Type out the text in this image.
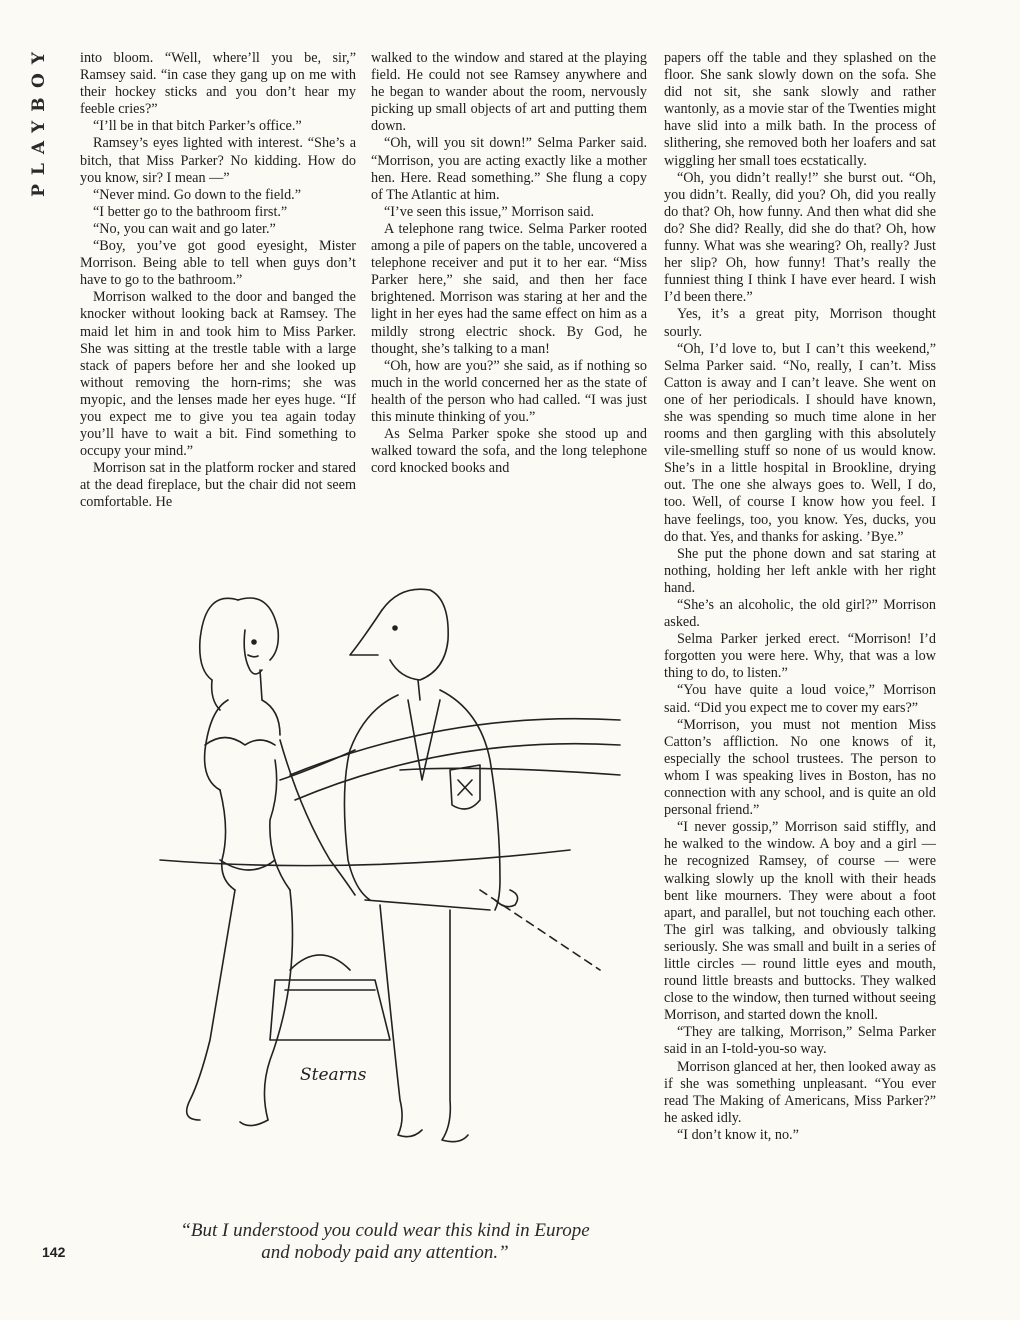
PLAYBOY into bloom. “Well, where’ll you be, sir,” Ramsey said. “in case they gang up on me with their hockey sticks and you don’t hear my feeble cries?”

“I’ll be in that bitch Parker’s office.”

Ramsey’s eyes lighted with interest. “She’s a bitch, that Miss Parker? No kidding. How do you know, sir? I mean —”

“Never mind. Go down to the field.”

“I better go to the bathroom first.”

“No, you can wait and go later.”

“Boy, you’ve got good eyesight, Mister Morrison. Being able to tell when guys don’t have to go to the bathroom.”

Morrison walked to the door and banged the knocker without looking back at Ramsey. The maid let him in and took him to Miss Parker. She was sitting at the trestle table with a large stack of papers before her and she looked up without removing the horn-rims; she was myopic, and the lenses made her eyes huge. “If you expect me to give you tea again today you’ll have to wait a bit. Find something to occupy your mind.”

Morrison sat in the platform rocker and stared at the dead fireplace, but the chair did not seem comfortable. He

walked to the window and stared at the playing field. He could not see Ramsey anywhere and he began to wander about the room, nervously picking up small objects of art and putting them down.

“Oh, will you sit down!” Selma Parker said. “Morrison, you are acting exactly like a mother hen. Here. Read something.” She flung a copy of The Atlantic at him.

“I’ve seen this issue,” Morrison said.

A telephone rang twice. Selma Parker rooted among a pile of papers on the table, uncovered a telephone receiver and put it to her ear. “Miss Parker here,” she said, and then her face brightened. Morrison was staring at her and the light in her eyes had the same effect on him as a mildly strong electric shock. By God, he thought, she’s talking to a man!

“Oh, how are you?” she said, as if nothing so much in the world concerned her as the state of health of the person who had called. “I was just this minute thinking of you.”

As Selma Parker spoke she stood up and walked toward the sofa, and the long telephone cord knocked books and

papers off the table and they splashed on the floor. She sank slowly down on the sofa. She did not sit, she sank slowly and rather wantonly, as a movie star of the Twenties might have slid into a milk bath. In the process of slithering, she removed both her loafers and sat wiggling her small toes ecstatically.

“Oh, you didn’t really!” she burst out. “Oh, you didn’t. Really, did you? Oh, did you really do that? Oh, how funny. And then what did she do? She did? Really, did she do that? Oh, how funny. What was she wearing? Oh, really? Just her slip? Oh, how funny! That’s really the funniest thing I think I have ever heard. I wish I’d been there.”

Yes, it’s a great pity, Morrison thought sourly.

“Oh, I’d love to, but I can’t this weekend,” Selma Parker said. “No, really, I can’t. Miss Catton is away and I can’t leave. She went on one of her periodicals. I should have known, she was spending so much time alone in her rooms and then gargling with this absolutely vile-smelling stuff so none of us would know. She’s in a little hospital in Brookline, drying out. The one she always goes to. Well, I do, too. Well, of course I know how you feel. I have feelings, too, you know. Yes, ducks, you do that. Yes, and thanks for asking. ’Bye.”

She put the phone down and sat staring at nothing, holding her left ankle with her right hand.

“She’s an alcoholic, the old girl?” Morrison asked.

Selma Parker jerked erect. “Morrison! I’d forgotten you were here. Why, that was a low thing to do, to listen.”

“You have quite a loud voice,” Morrison said. “Did you expect me to cover my ears?”

“Morrison, you must not mention Miss Catton’s affliction. No one knows of it, especially the school trustees. The person to whom I was speaking lives in Boston, has no connection with any school, and is quite an old personal friend.”

“I never gossip,” Morrison said stiffly, and he walked to the window. A boy and a girl — he recognized Ramsey, of course — were walking slowly up the knoll with their heads bent like mourners. They were about a foot apart, and parallel, but not touching each other. The girl was talking, and obviously talking seriously. She was small and built in a series of little circles — round little eyes and mouth, round little breasts and buttocks. They walked close to the window, then turned without seeing Morrison, and started down the knoll.

“They are talking, Morrison,” Selma Parker said in an I-told-you-so way.

Morrison glanced at her, then looked away as if she was something unpleasant. “You ever read The Making of Americans, Miss Parker?” he asked idly.

“I don’t know it, no.”

Stearns
“But I understood you could wear this kind in Europe and nobody paid any attention.”
142
